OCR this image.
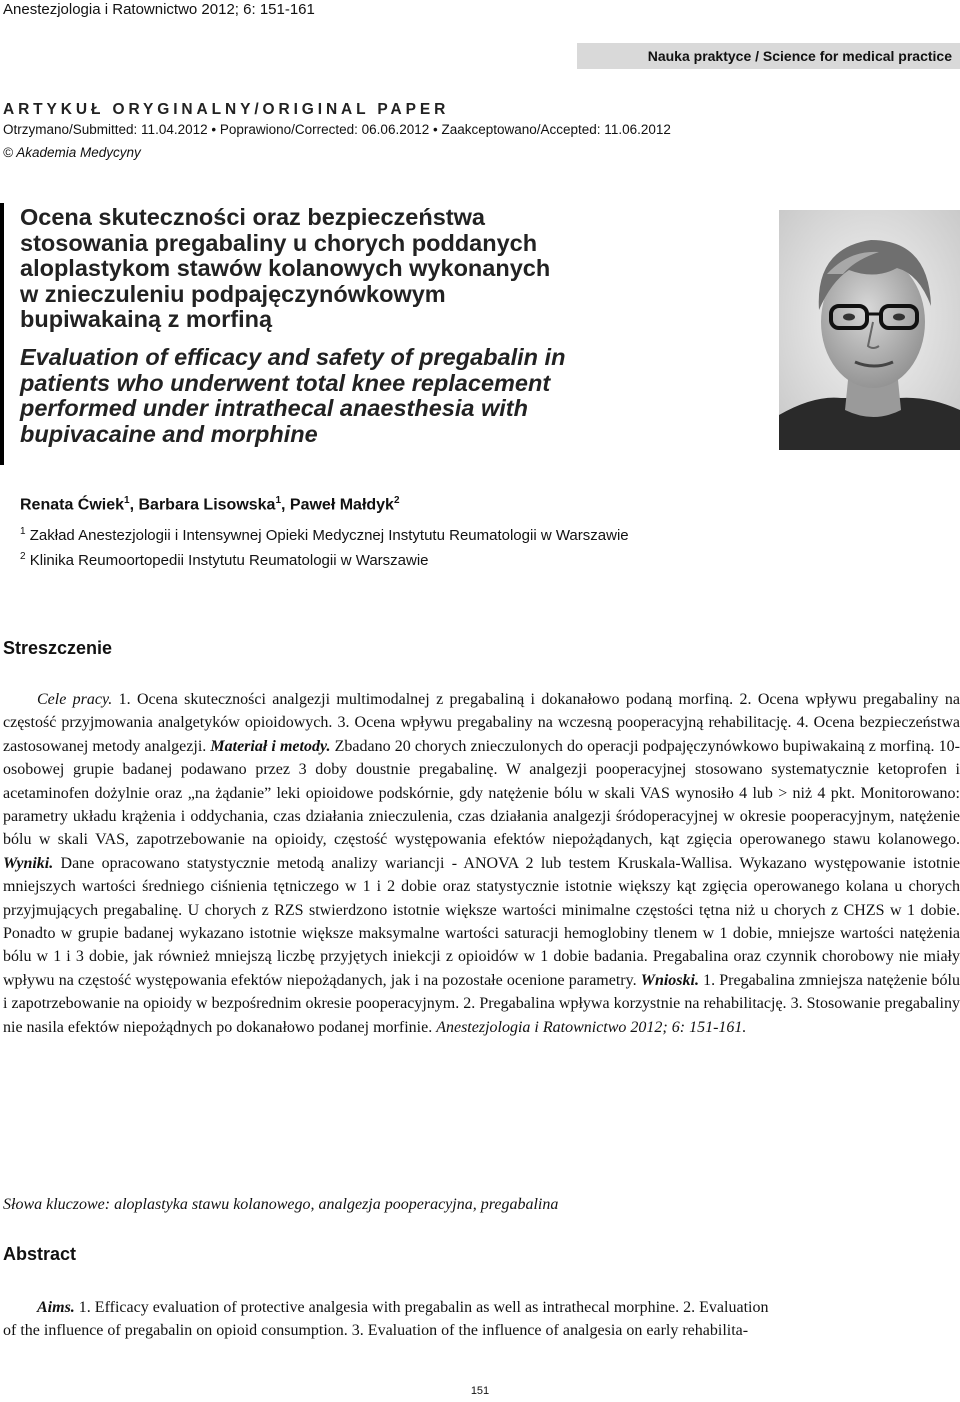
Anestezjologia i Ratownictwo 2012; 6: 151-161
Nauka praktyce / Science for medical practice
ARTYKUŁ ORYGINALNY/ORIGINAL PAPER
Otrzymano/Submitted: 11.04.2012 • Poprawiono/Corrected: 06.06.2012 • Zaakceptowano/Accepted: 11.06.2012
© Akademia Medycyny
Ocena skuteczności oraz bezpieczeństwa
stosowania pregabaliny u chorych poddanych
aloplastykom stawów kolanowych wykonanych
w znieczuleniu podpajęczynówkowym
bupiwakainą z morfiną
Evaluation of efficacy and safety of pregabalin in
patients who underwent total knee replacement
performed under intrathecal anaesthesia with
bupivacaine and morphine
Renata Ćwiek$^1$, Barbara Lisowska$^1$, Paweł Małdyk$^2$
$^1$ Zakład Anestezjologii i Intensywnej Opieki Medycznej Instytutu Reumatologii w Warszawie
$^2$ Klinika Reumoortopedii Instytutu Reumatologii w Warszawie
Streszczenie

Cele pracy. 1. Ocena skuteczności analgezji multimodalnej z pregabaliną i dokanałowo podaną morfiną. 2. Ocena wpływu pregabaliny na częstość przyjmowania analgetyków opioidowych. 3. Ocena wpływu pregabaliny na wczesną pooperacyjną rehabilitację. 4. Ocena bezpieczeństwa zastosowanej metody analgezji. Materiał i metody. Zbadano 20 chorych znieczulonych do operacji podpajęczynówkowo bupiwakainą z morfiną. 10-osobowej grupie badanej podawano przez 3 doby doustnie pregabalinę. W analgezji pooperacyjnej stosowano systematycznie ketoprofen i acetaminofen dożylnie oraz „na żądanie” leki opioidowe podskórnie, gdy natężenie bólu w skali VAS wynosiło 4 lub > niż 4 pkt. Monitorowano: parametry układu krążenia i oddychania, czas działania znieczulenia, czas działania analgezji śródoperacyjnej w okresie pooperacyjnym, natężenie bólu w skali VAS, zapotrzebowanie na opioidy, częstość występowania efektów niepożądanych, kąt zgięcia operowanego stawu kolanowego. Wyniki. Dane opracowano statystycznie metodą analizy wariancji - ANOVA 2 lub testem Kruskala-Wallisa. Wykazano występowanie istotnie mniejszych wartości średniego ciśnienia tętniczego w 1 i 2 dobie oraz statystycznie istotnie większy kąt zgięcia operowanego kolana u chorych przyjmujących pregabalinę. U chorych z RZS stwierdzono istotnie większe wartości minimalne częstości tętna niż u chorych z CHZS w 1 dobie. Ponadto w grupie badanej wykazano istotnie większe maksymalne wartości saturacji hemoglobiny tlenem w 1 dobie, mniejsze wartości natężenia bólu w 1 i 3 dobie, jak również mniejszą liczbę przyjętych iniekcji z opioidów w 1 dobie badania. Pregabalina oraz czynnik chorobowy nie miały wpływu na częstość występowania efektów niepożądanych, jak i na pozostałe ocenione parametry. Wnioski. 1. Pregabalina zmniejsza natężenie bólu i zapotrzebowanie na opioidy w bezpośrednim okresie pooperacyjnym. 2. Pregabalina wpływa korzystnie na rehabilitację. 3. Stosowanie pregabaliny nie nasila efektów niepożądnych po dokanałowo podanej morfinie. Anestezjologia i Ratownictwo 2012; 6: 151-161.

Słowa kluczowe: aloplastyka stawu kolanowego, analgezja pooperacyjna, pregabalina
Abstract
Aims. 1. Efficacy evaluation of protective analgesia with pregabalin as well as intrathecal morphine. 2. Evaluation
of the influence of pregabalin on opioid consumption. 3. Evaluation of the influence of analgesia on early rehabilita-
151
